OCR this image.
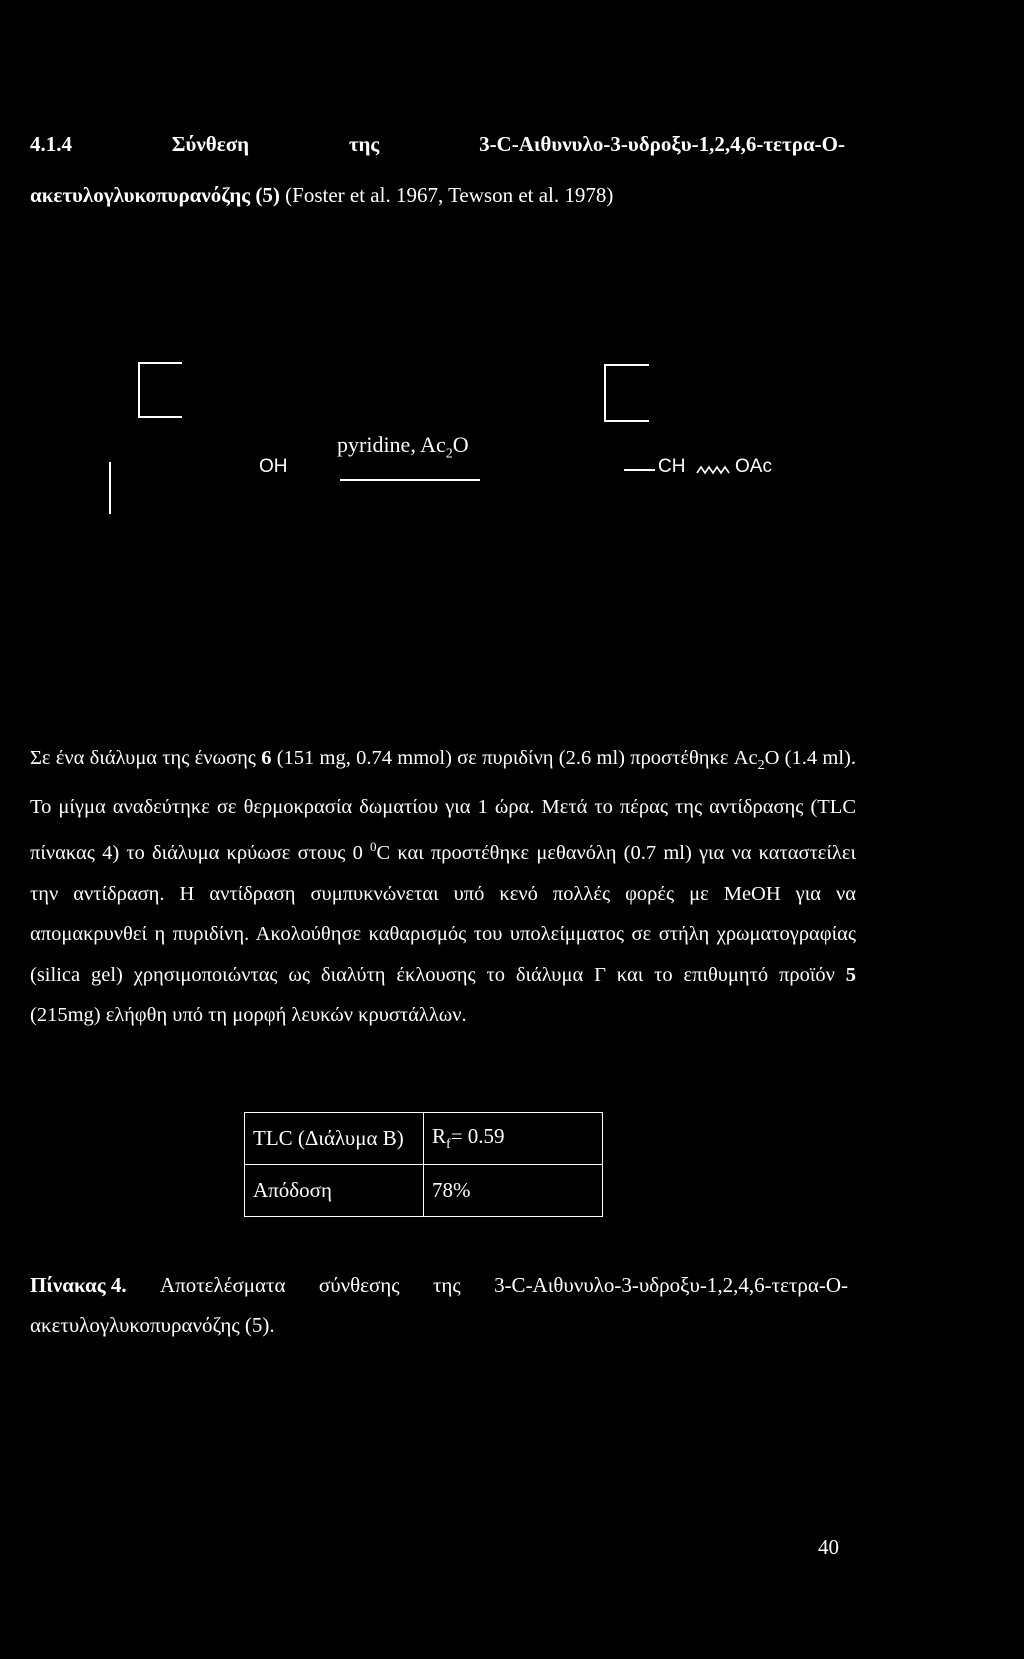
4.1.4	Σύνθεση	της	3-C-Αιθυνυλο-3-υδροξυ-1,2,4,6-τετρα-Ο-
ακετυλογλυκοπυρανόζης (5) (Foster et al. 1967, Tewson et al. 1978)
OH
pyridine, $Ac_2O$
CH	OAc
Σε ένα διάλυμα της ένωσης 6 (151 mg, 0.74 mmol) σε πυριδίνη (2.6 ml) προστέθηκε $Ac_2O$ (1.4 ml). Το μίγμα αναδεύτηκε σε θερμοκρασία δωματίου για 1 ώρα. Μετά το πέρας της αντίδρασης (TLC πίνακας 4) το διάλυμα κρύωσε στους 0 $^0$C και προστέθηκε μεθανόλη (0.7 ml) για να καταστείλει την αντίδραση. Η αντίδραση συμπυκνώνεται υπό κενό πολλές φορές με MeOH για να απομακρυνθεί η πυριδίνη. Ακολούθησε καθαρισμός του υπολείμματος σε στήλη χρωματογραφίας (silica gel) χρησιμοποιώντας ως διαλύτη έκλουσης το διάλυμα Γ και το επιθυμητό προϊόν 5 (215mg) ελήφθη υπό τη μορφή λευκών κρυστάλλων.
TLC (Διάλυμα Β)	$R_f= 0.59$
Απόδοση	78%
Πίνακας 4. Αποτελέσματα σύνθεσης της 3-C-Αιθυνυλο-3-υδροξυ-1,2,4,6-τετρα-Ο-
ακετυλογλυκοπυρανόζης (5).
40
